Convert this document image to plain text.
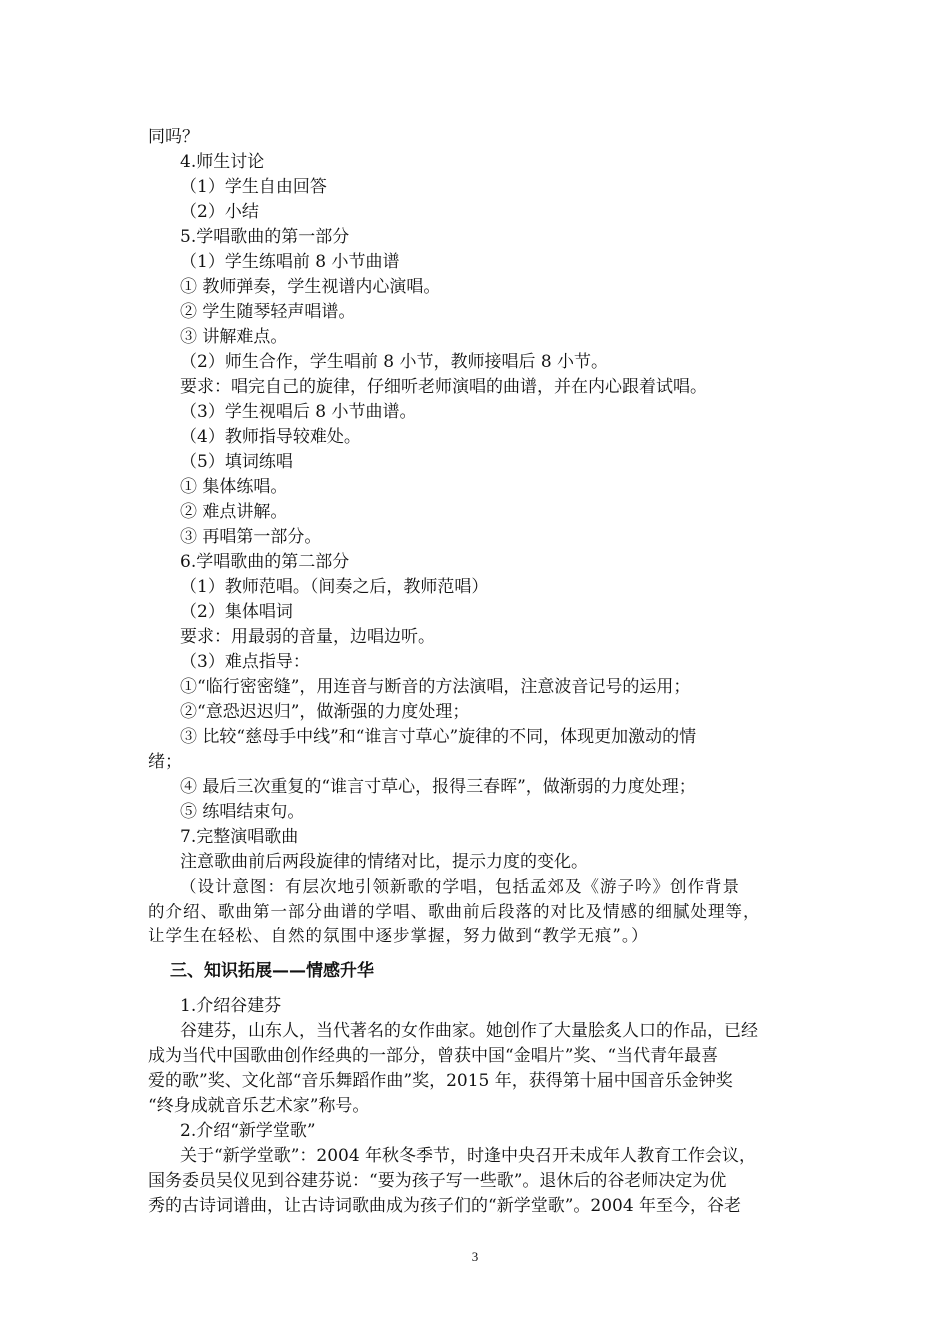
同吗？
4.师生讨论
（1）学生自由回答
（2）小结
5.学唱歌曲的第一部分
（1）学生练唱前 8 小节曲谱
① 教师弹奏，学生视谱内心演唱。
② 学生随琴轻声唱谱。
③ 讲解难点。
（2）师生合作，学生唱前 8 小节，教师接唱后 8 小节。
要求：唱完自己的旋律，仔细听老师演唱的曲谱，并在内心跟着试唱。
（3）学生视唱后 8 小节曲谱。
（4）教师指导较难处。
（5）填词练唱
① 集体练唱。
② 难点讲解。
③ 再唱第一部分。
6.学唱歌曲的第二部分
（1）教师范唱。（间奏之后，教师范唱）
（2）集体唱词
要求：用最弱的音量，边唱边听。
（3）难点指导：
①“临行密密缝”，用连音与断音的方法演唱，注意波音记号的运用；
②“意恐迟迟归”，做渐强的力度处理；
③ 比较“慈母手中线”和“谁言寸草心”旋律的不同，体现更加激动的情
绪；
④ 最后三次重复的“谁言寸草心，报得三春晖”，做渐弱的力度处理；
⑤ 练唱结束句。
7.完整演唱歌曲
注意歌曲前后两段旋律的情绪对比，提示力度的变化。
（设计意图：有层次地引领新歌的学唱，包括孟郊及《游子吟》创作背景
的介绍、歌曲第一部分曲谱的学唱、歌曲前后段落的对比及情感的细腻处理等，
让学生在轻松、自然的氛围中逐步掌握，努力做到“教学无痕”。）
三、知识拓展——情感升华
1.介绍谷建芬
谷建芬，山东人，当代著名的女作曲家。她创作了大量脍炙人口的作品，已经
成为当代中国歌曲创作经典的一部分，曾获中国“金唱片”奖、“当代青年最喜
爱的歌”奖、文化部“音乐舞蹈作曲”奖，2015 年，获得第十届中国音乐金钟奖
“终身成就音乐艺术家”称号。
2.介绍“新学堂歌”
关于“新学堂歌”：2004 年秋冬季节，时逢中央召开未成年人教育工作会议，
国务委员吴仪见到谷建芬说：“要为孩子写一些歌”。退休后的谷老师决定为优
秀的古诗词谱曲，让古诗词歌曲成为孩子们的“新学堂歌”。2004 年至今，谷老
3
